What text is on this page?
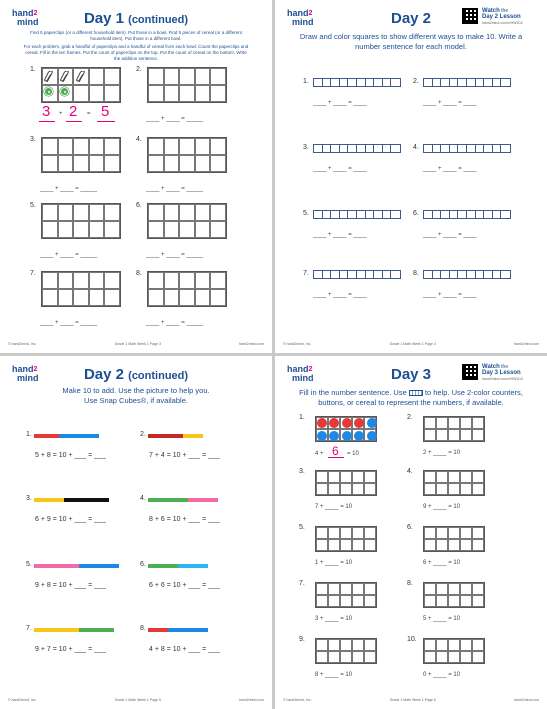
hand$^2$
mind	Day 1 (continued)
Find 5 paperclips (or a different household item). Put those in a bowl. Find 5 pieces of cereal (or a different household item). Put those in a different bowl.
For each problem, grab a handful of paperclips and a handful of cereal from each bowl. Count the paperclips and cereal. Fill in the ten frames. Put the count of paperclips on the top. Put the count of cereal on the bottom. Write the addition sentence.
1.	2.
____ + ____ = _____
3.
____ + ____ = _____
4.
____ + ____ = _____
5.
____ + ____ = _____
6.
____ + ____ = _____
7.
____ + ____ = _____
8.
____ + ____ = _____
3 + 2 = 5
© hand2mind, Inc.	Grade 1 Math Week 1 Page 3	hand2mind.com
hand$^2$
mind	Day 2	Watch the
Day 2 Lesson
hand2mind.com/v/HW1D2
Draw and color squares to show different ways to make 10. Write a number sentence for each model.
1.
____ + ____ = ____
2.
____ + ____ = ____
3.
____ + ____ = ____
4.
____ + ____ = ____
5.
____ + ____ = ____
6.
____ + ____ = ____
7.
____ + ____ = ____
8.
____ + ____ = ____
© hand2mind, Inc.	Grade 1 Math Week 1 Page 4	hand2mind.com
hand$^2$
mind	Day 2 (continued)
Make 10 to add. Use the picture to help you.
Use Snap Cubes®, if available.
1.
5 + 8 = 10 + ___ = ___
2.
7 + 4 = 10 + ___ = ___
3.
6 + 9 = 10 + ___ = ___
4.
8 + 6 = 10 + ___ = ___
5.
9 + 8 = 10 + ___ = ___
6.
6 + 6 = 10 + ___ = ___
7.
9 + 7 = 10 + ___ = ___
8.
4 + 8 = 10 + ___ = ___
© hand2mind, Inc.	Grade 1 Math Week 1 Page 5	hand2mind.com
hand$^2$
mind	Day 3	Watch the
Day 3 Lesson
hand2mind.com/v/HW1D3
Fill in the number sentence. Use to help. Use 2-color counters,
buttons, or cereal to represent the numbers, if available.
1.	2.
2 + ____ = 10
3.
7 + ____ = 10
4.
9 + ____ = 10
5.
1 + ____ = 10
6.
6 + ____ = 10
7.
3 + ____ = 10
8.
5 + ____ = 10
9.
8 + ____ = 10
10.
0 + ____ = 10
4 + 6 = 10
© hand2mind, Inc.	Grade 1 Math Week 1 Page 6	hand2mind.com
